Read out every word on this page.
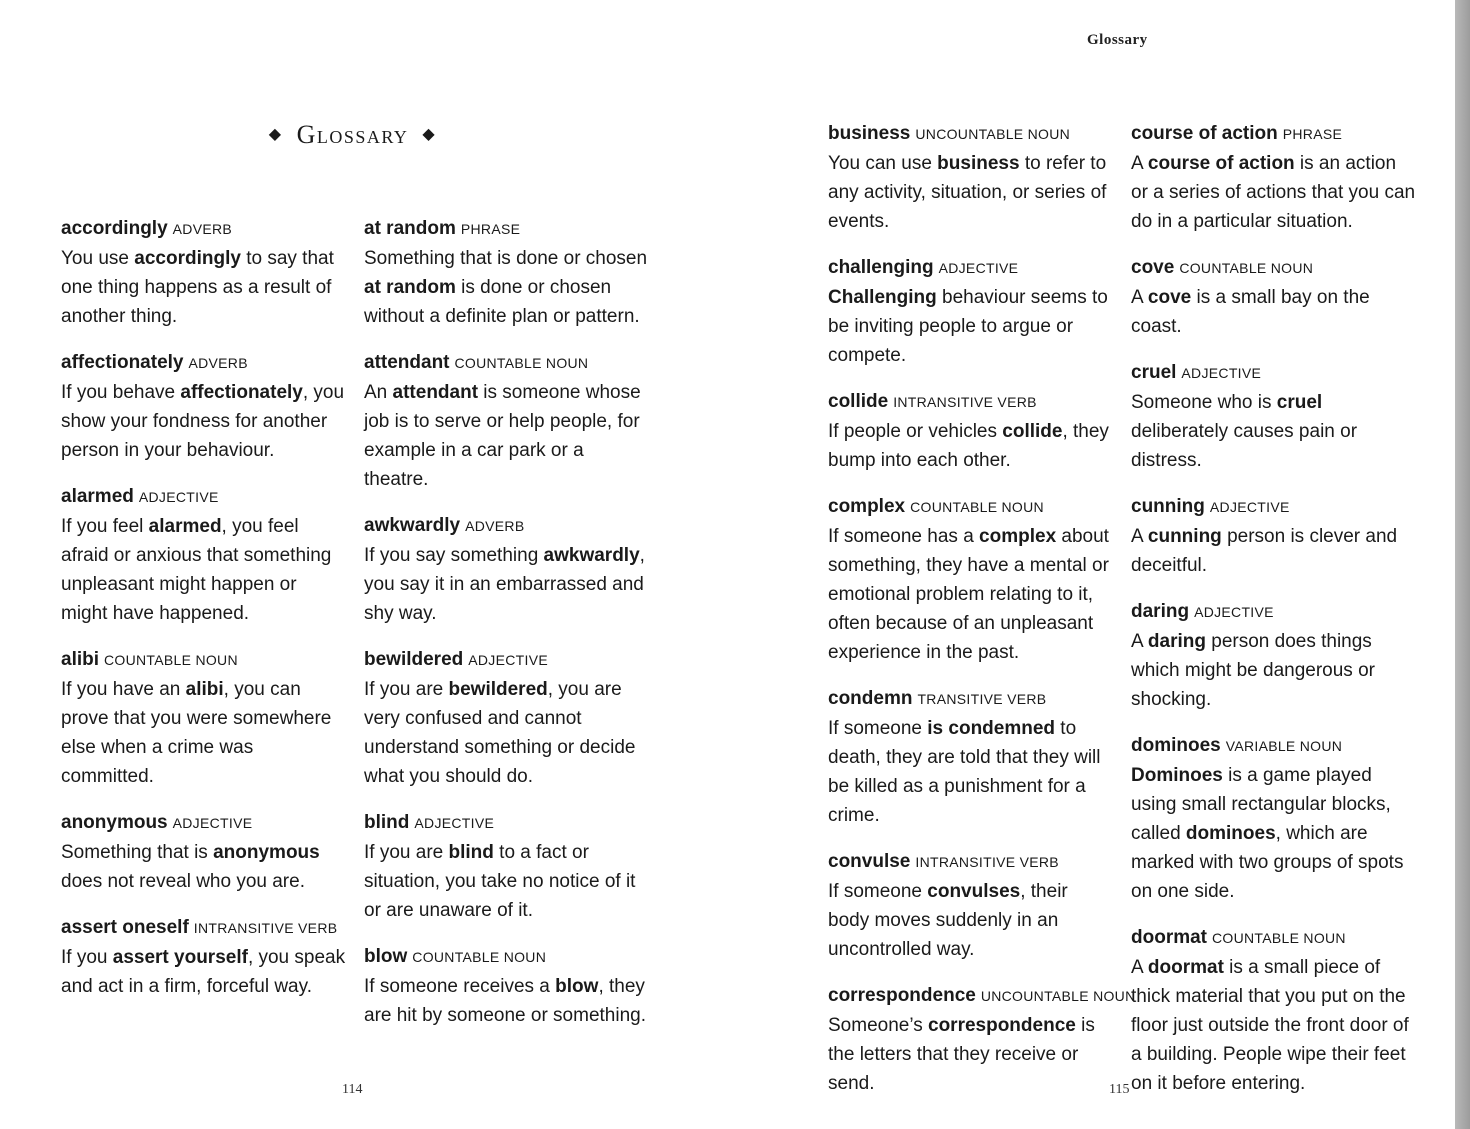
◆ Glossary ◆
accordingly ADVERB

You use accordingly to say that one thing happens as a result of another thing.

affectionately ADVERB

If you behave affectionately, you show your fondness for another person in your behaviour.

alarmed ADJECTIVE

If you feel alarmed, you feel afraid or anxious that something unpleasant might happen or might have happened.

alibi COUNTABLE NOUN

If you have an alibi, you can prove that you were somewhere else when a crime was committed.

anonymous ADJECTIVE

Something that is anonymous does not reveal who you are.

assert oneself INTRANSITIVE VERB

If you assert yourself, you speak and act in a firm, forceful way.

at random PHRASE

Something that is done or chosen at random is done or chosen without a definite plan or pattern.

attendant COUNTABLE NOUN

An attendant is someone whose job is to serve or help people, for example in a car park or a theatre.

awkwardly ADVERB

If you say something awkwardly, you say it in an embarrassed and shy way.

bewildered ADJECTIVE

If you are bewildered, you are very confused and cannot understand something or decide what you should do.

blind ADJECTIVE

If you are blind to a fact or situation, you take no notice of it or are unaware of it.

blow COUNTABLE NOUN

If someone receives a blow, they are hit by someone or something.

114
Glossary
business UNCOUNTABLE NOUN

You can use business to refer to any activity, situation, or series of events.

challenging ADJECTIVE

Challenging behaviour seems to be inviting people to argue or compete.

collide INTRANSITIVE VERB

If people or vehicles collide, they bump into each other.

complex COUNTABLE NOUN

If someone has a complex about something, they have a mental or emotional problem relating to it, often because of an unpleasant experience in the past.

condemn TRANSITIVE VERB

If someone is condemned to death, they are told that they will be killed as a punishment for a crime.

convulse INTRANSITIVE VERB

If someone convulses, their body moves suddenly in an uncontrolled way.

correspondence UNCOUNTABLE NOUN

Someone’s correspondence is the letters that they receive or send.

course of action PHRASE

A course of action is an action or a series of actions that you can do in a particular situation.

cove COUNTABLE NOUN

A cove is a small bay on the coast.

cruel ADJECTIVE

Someone who is cruel deliberately causes pain or distress.

cunning ADJECTIVE

A cunning person is clever and deceitful.

daring ADJECTIVE

A daring person does things which might be dangerous or shocking.

dominoes VARIABLE NOUN

Dominoes is a game played using small rectangular blocks, called dominoes, which are marked with two groups of spots on one side.

doormat COUNTABLE NOUN

A doormat is a small piece of thick material that you put on the floor just outside the front door of a building. People wipe their feet on it before entering.

115
